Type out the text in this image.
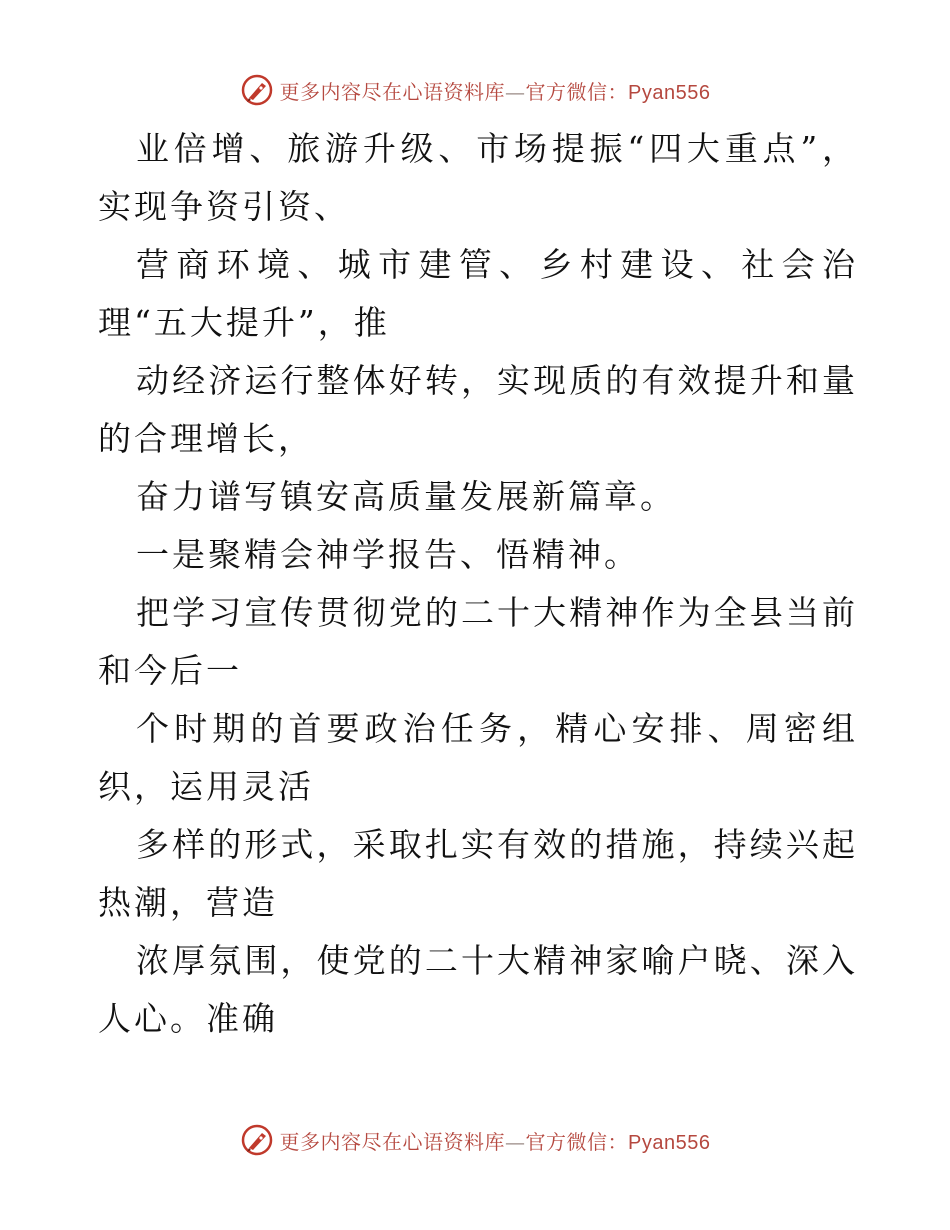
更多内容尽在心语资料库—官方微信：Pyan556

业倍增、旅游升级、市场提振“四大重点”，实现争资引资、

营商环境、城市建管、乡村建设、社会治理“五大提升”，推

动经济运行整体好转，实现质的有效提升和量的合理增长，

奋力谱写镇安高质量发展新篇章。

一是聚精会神学报告、悟精神。

把学习宣传贯彻党的二十大精神作为全县当前和今后一

个时期的首要政治任务，精心安排、周密组织，运用灵活

多样的形式，采取扎实有效的措施，持续兴起热潮，营造

浓厚氛围，使党的二十大精神家喻户晓、深入人心。准确

更多内容尽在心语资料库—官方微信：Pyan556
